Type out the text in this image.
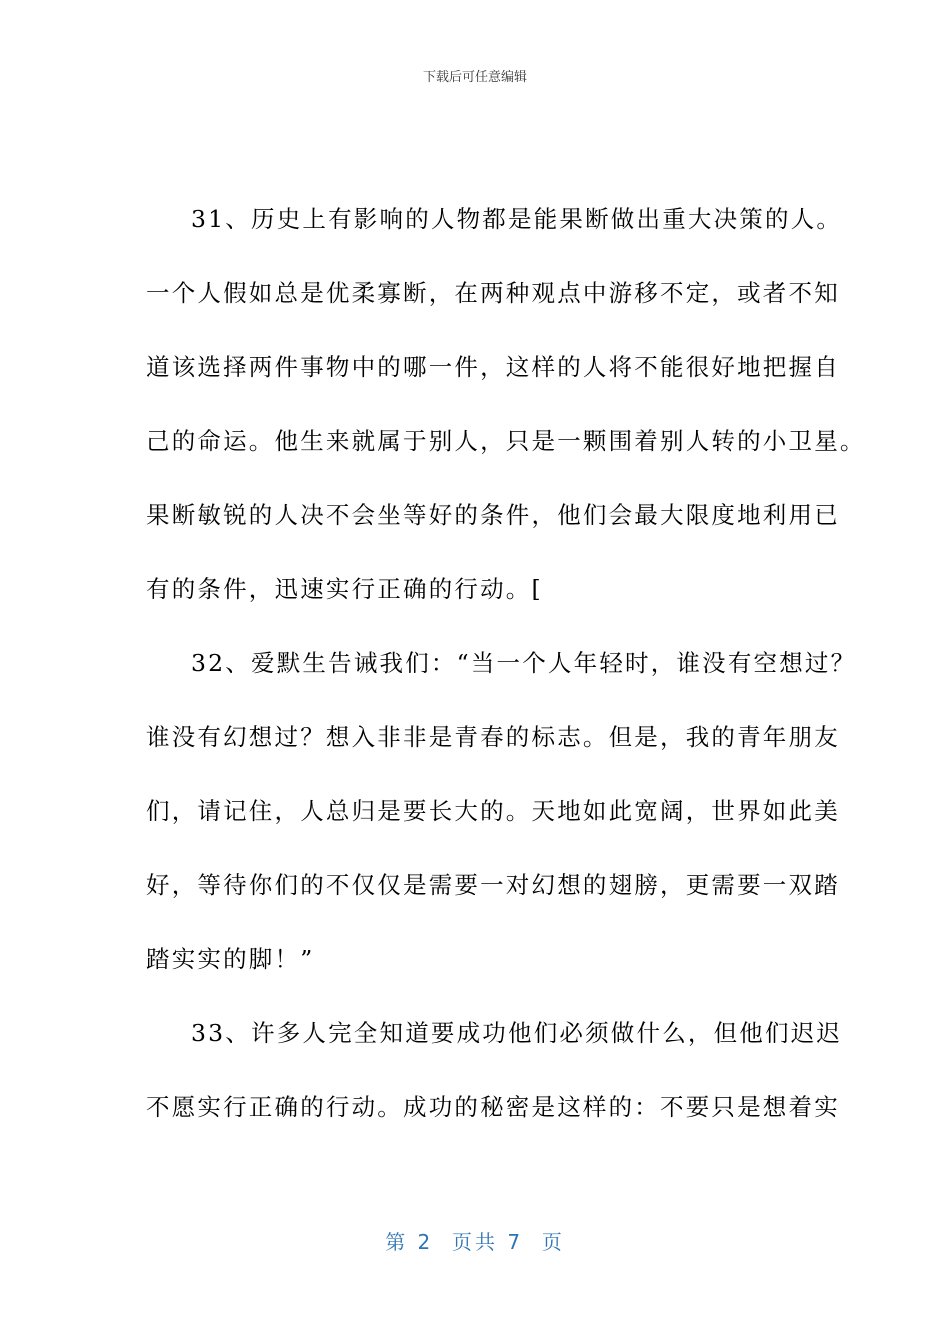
下载后可任意编辑
31、历史上有影响的人物都是能果断做出重大决策的人。
一个人假如总是优柔寡断，在两种观点中游移不定，或者不知
道该选择两件事物中的哪一件，这样的人将不能很好地把握自
己的命运。他生来就属于别人，只是一颗围着别人转的小卫星。
果断敏锐的人决不会坐等好的条件，他们会最大限度地利用已
有的条件，迅速实行正确的行动。[
32、爱默生告诫我们：“当一个人年轻时，谁没有空想过？
谁没有幻想过？想入非非是青春的标志。但是，我的青年朋友
们，请记住，人总归是要长大的。天地如此宽阔，世界如此美
好，等待你们的不仅仅是需要一对幻想的翅膀，更需要一双踏
踏实实的脚！”
33、许多人完全知道要成功他们必须做什么，但他们迟迟
不愿实行正确的行动。成功的秘密是这样的：不要只是想着实
第 2 页共 7 页
